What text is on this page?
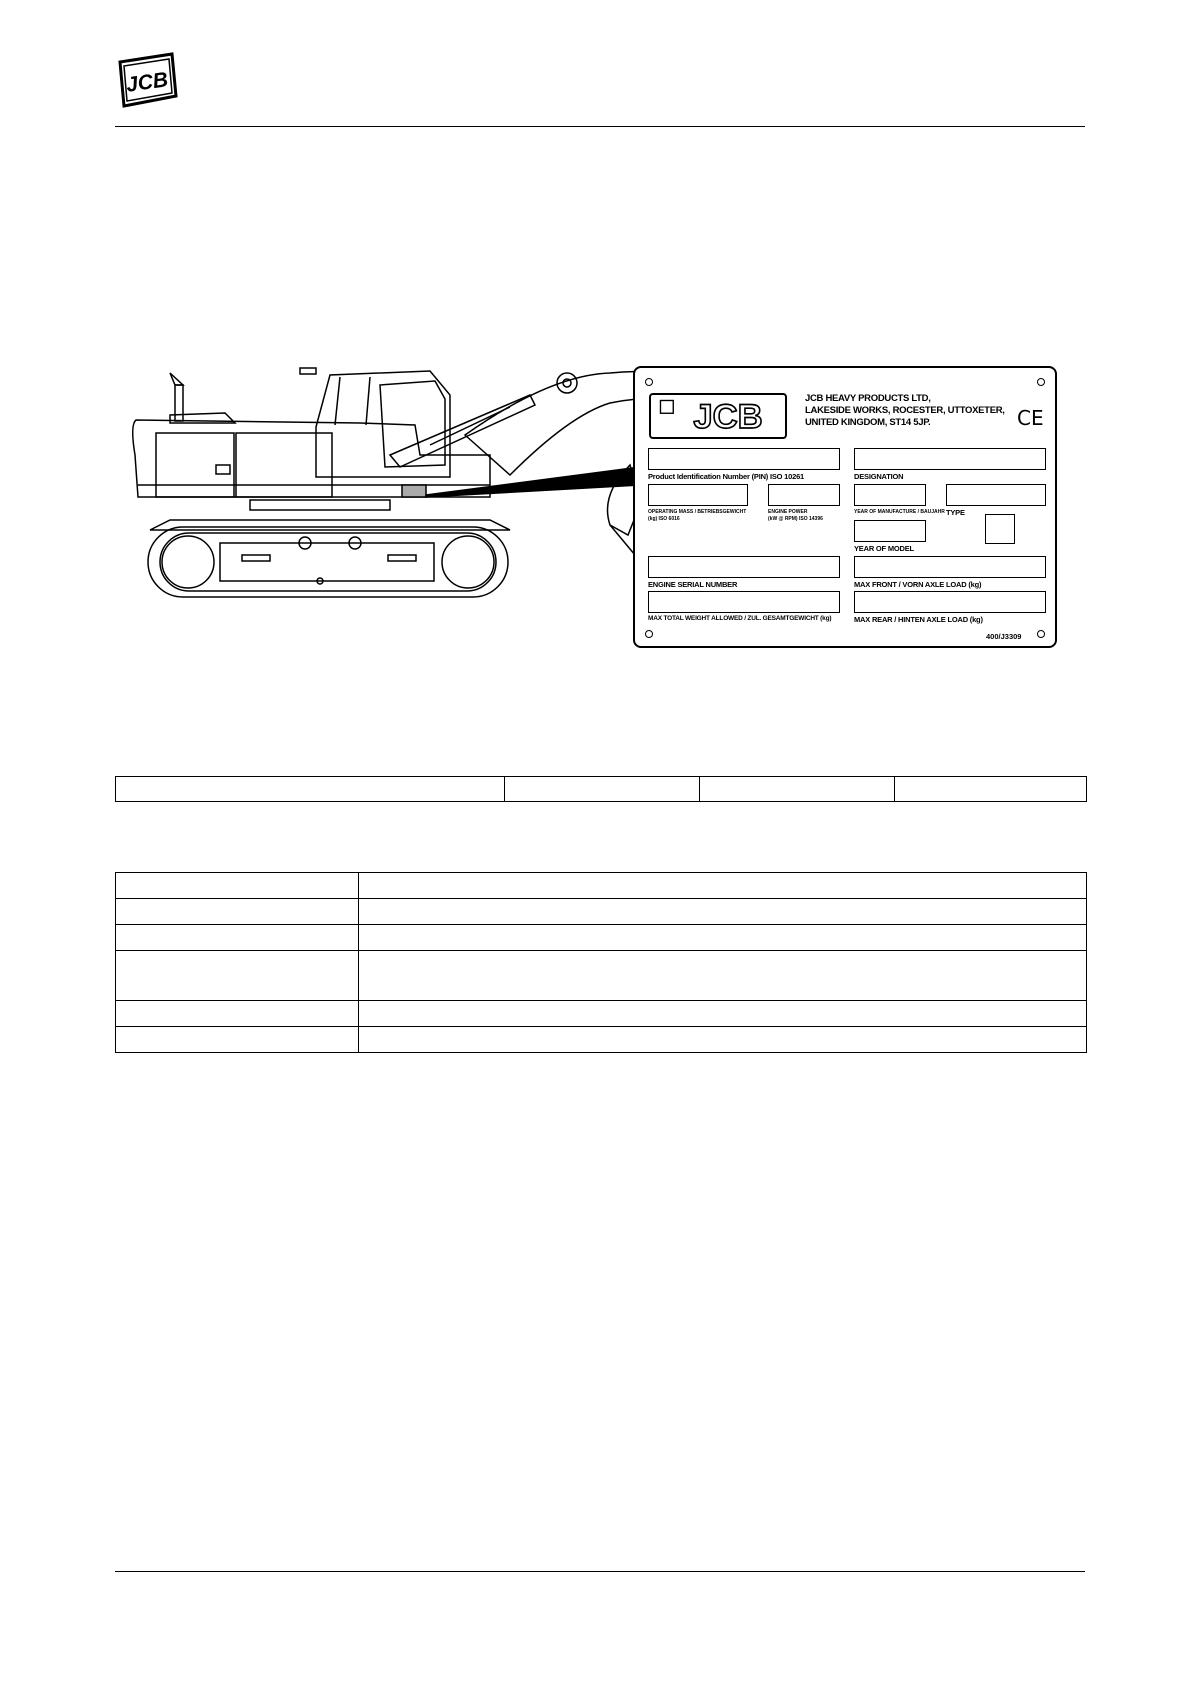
JCB
JCB	JCB HEAVY PRODUCTS LTD,
LAKESIDE WORKS, ROCESTER, UTTOXETER,
UNITED KINGDOM, ST14 5JP.	CE
Product Identification Number (PIN) ISO 10261	DESIGNATION
OPERATING MASS / BETRIEBSGEWICHT
(kg) ISO 6016
ENGINE POWER
(kW @ RPM) ISO 14396
YEAR OF MANUFACTURE / BAUJAHR TYPE
YEAR OF MODEL
ENGINE SERIAL NUMBER	MAX FRONT / VORN AXLE LOAD (kg)
MAX TOTAL WEIGHT ALLOWED / ZUL. GESAMTGEWICHT (kg)	MAX REAR / HINTEN AXLE LOAD (kg)
400/J3309
